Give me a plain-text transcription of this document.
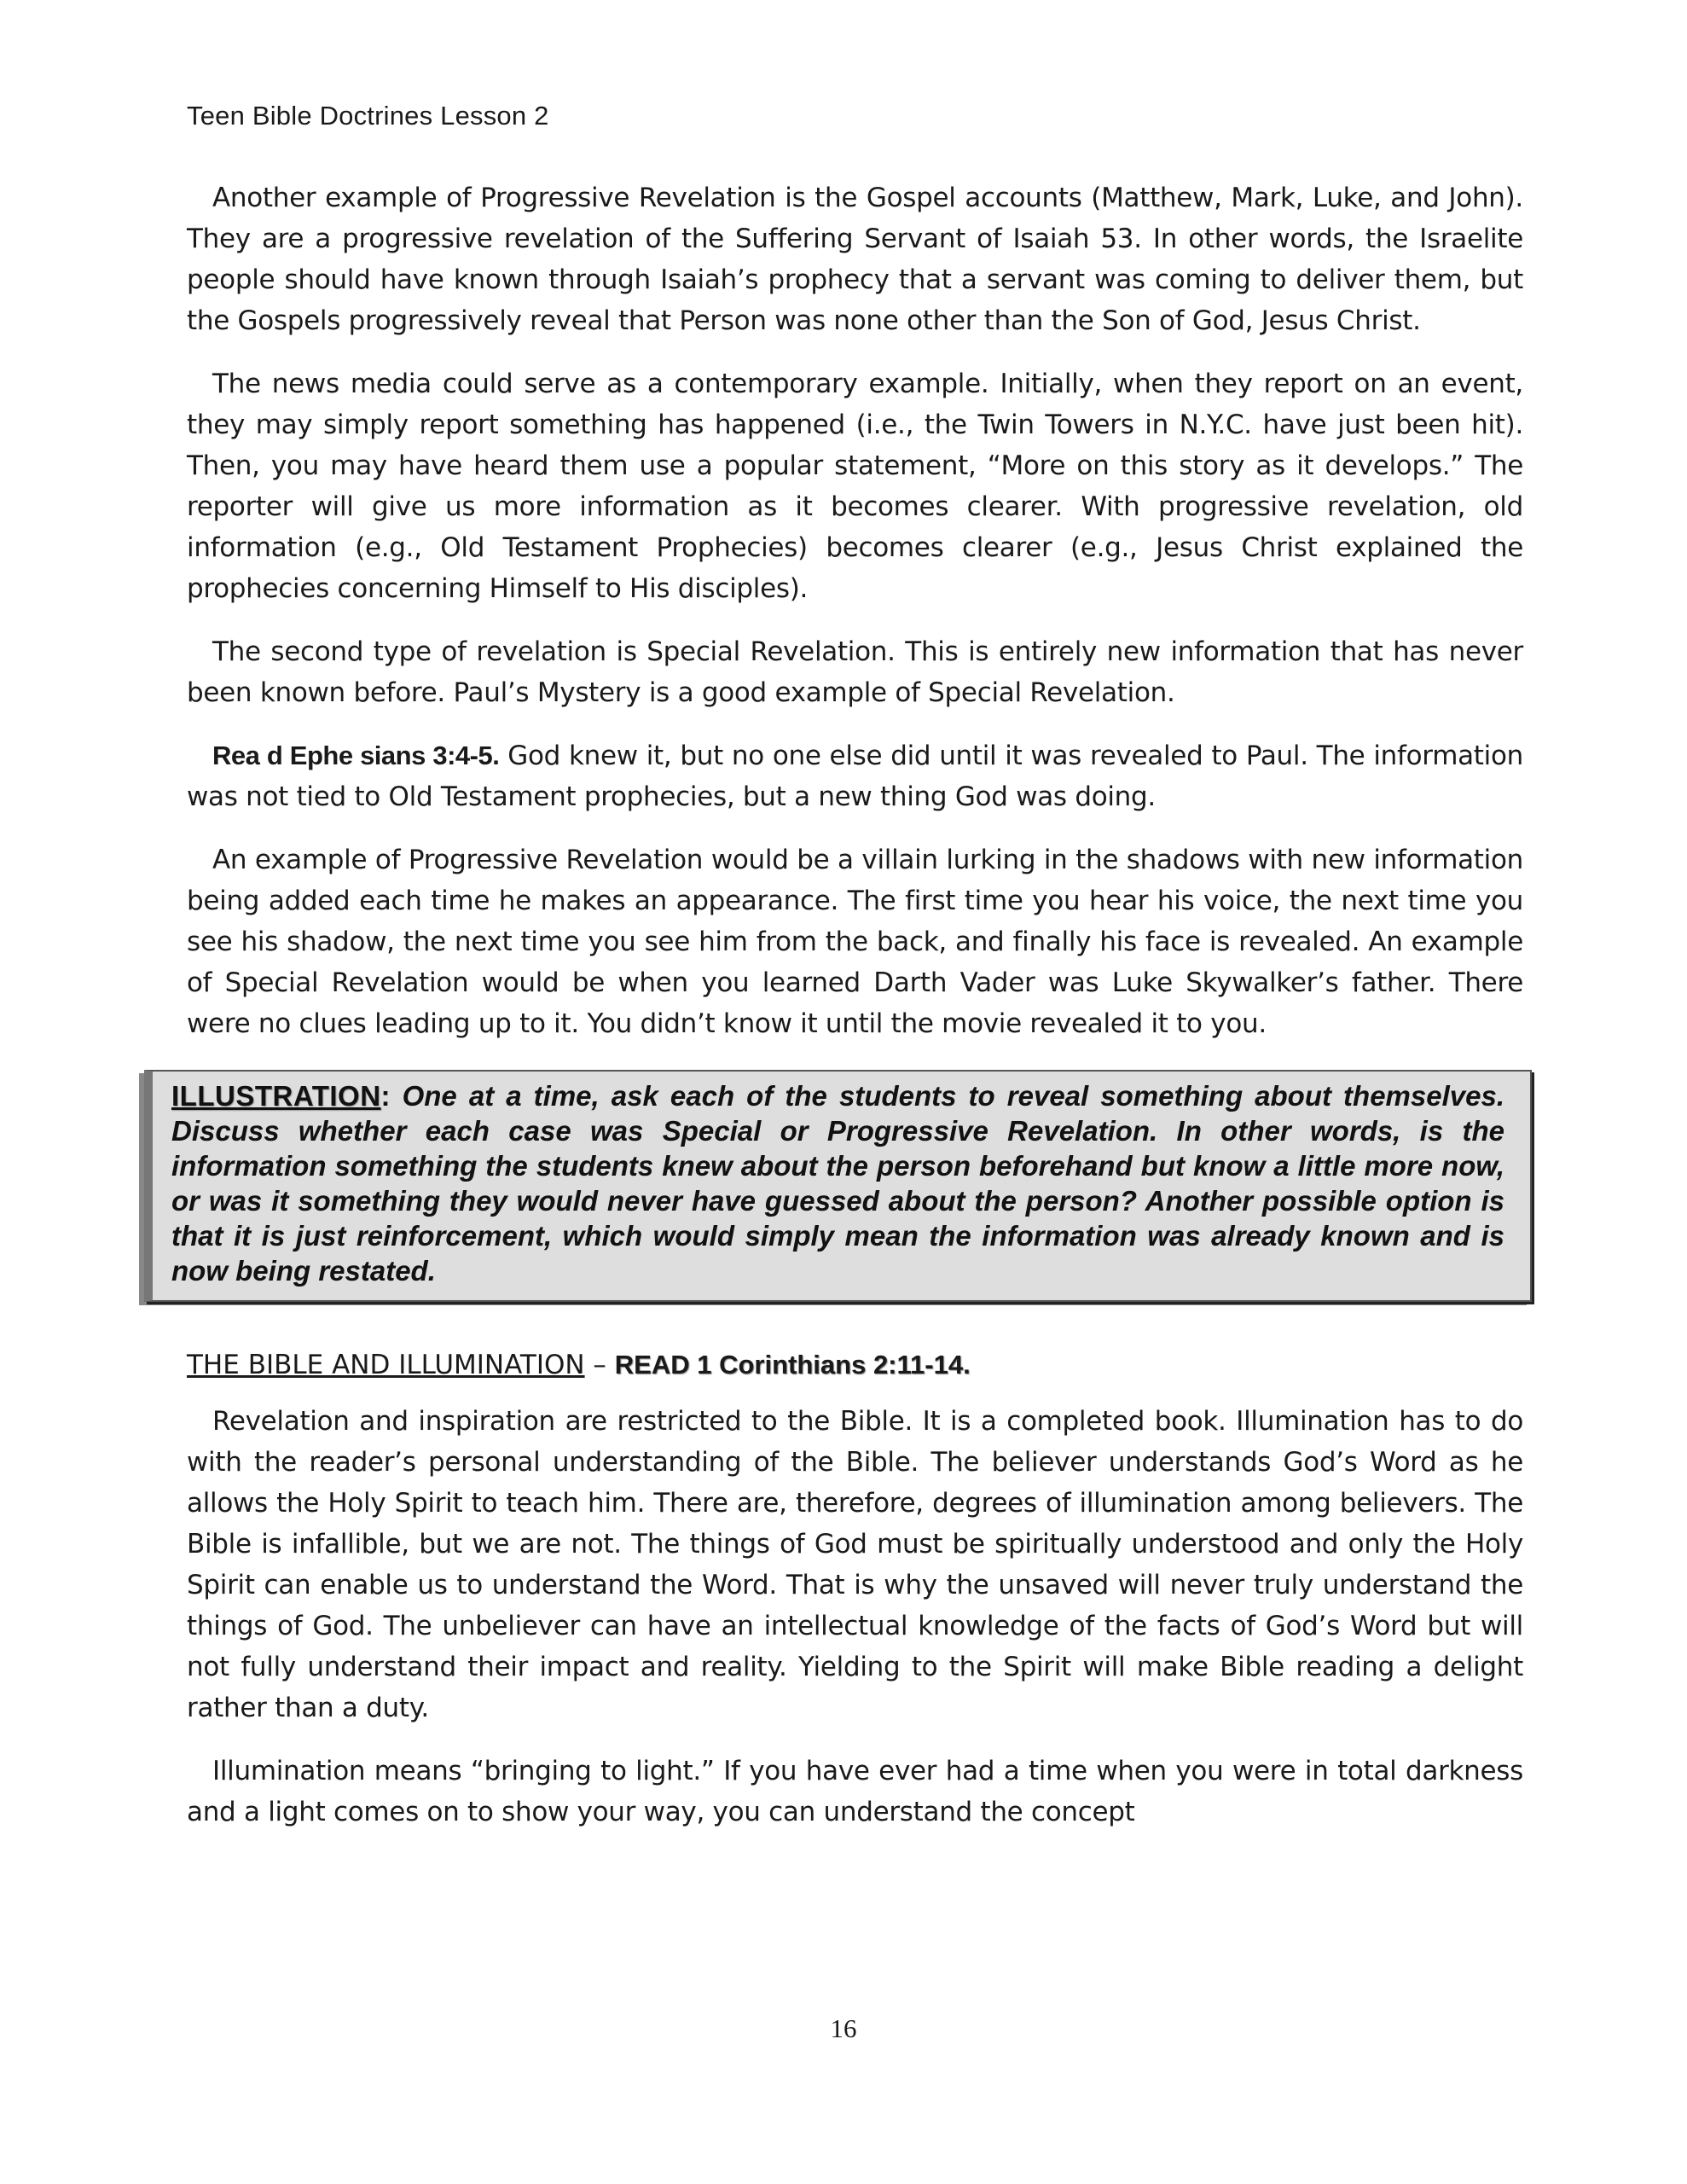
Teen Bible Doctrines Lesson 2

Another example of Progressive Revelation is the Gospel accounts (Matthew, Mark, Luke, and John). They are a progressive revelation of the Suffering Servant of Isaiah 53. In other words, the Israelite people should have known through Isaiah’s prophecy that a servant was coming to deliver them, but the Gospels progressively reveal that Person was none other than the Son of God, Jesus Christ.

The news media could serve as a contemporary example. Initially, when they report on an event, they may simply report something has happened (i.e., the Twin Towers in N.Y.C. have just been hit). Then, you may have heard them use a popular statement, “More on this story as it develops.” The reporter will give us more information as it becomes clearer. With progressive revelation, old information (e.g., Old Testament Prophecies) becomes clearer (e.g., Jesus Christ explained the prophecies concerning Himself to His disciples).

The second type of revelation is Special Revelation. This is entirely new information that has never been known before. Paul’s Mystery is a good example of Special Revelation.

Rea d Ephe sians 3:4-5. God knew it, but no one else did until it was revealed to Paul. The information was not tied to Old Testament prophecies, but a new thing God was doing.

An example of Progressive Revelation would be a villain lurking in the shadows with new information being added each time he makes an appearance. The first time you hear his voice, the next time you see his shadow, the next time you see him from the back, and finally his face is revealed. An example of Special Revelation would be when you learned Darth Vader was Luke Skywalker’s father. There were no clues leading up to it. You didn’t know it until the movie revealed it to you.

ILLUSTRATION: One at a time, ask each of the students to reveal something about themselves. Discuss whether each case was Special or Progressive Revelation. In other words, is the information something the students knew about the person beforehand but know a little more now, or was it something they would never have guessed about the person? Another possible option is that it is just reinforcement, which would simply mean the information was already known and is now being restated.
THE BIBLE AND ILLUMINATION – READ 1 Corinthians 2:11-14.

Revelation and inspiration are restricted to the Bible. It is a completed book. Illumination has to do with the reader’s personal understanding of the Bible. The believer understands God’s Word as he allows the Holy Spirit to teach him. There are, therefore, degrees of illumination among believers. The Bible is infallible, but we are not. The things of God must be spiritually understood and only the Holy Spirit can enable us to understand the Word. That is why the unsaved will never truly understand the things of God. The unbeliever can have an intellectual knowledge of the facts of God’s Word but will not fully understand their impact and reality. Yielding to the Spirit will make Bible reading a delight rather than a duty.

Illumination means “bringing to light.” If you have ever had a time when you were in total darkness and a light comes on to show your way, you can understand the concept

16
